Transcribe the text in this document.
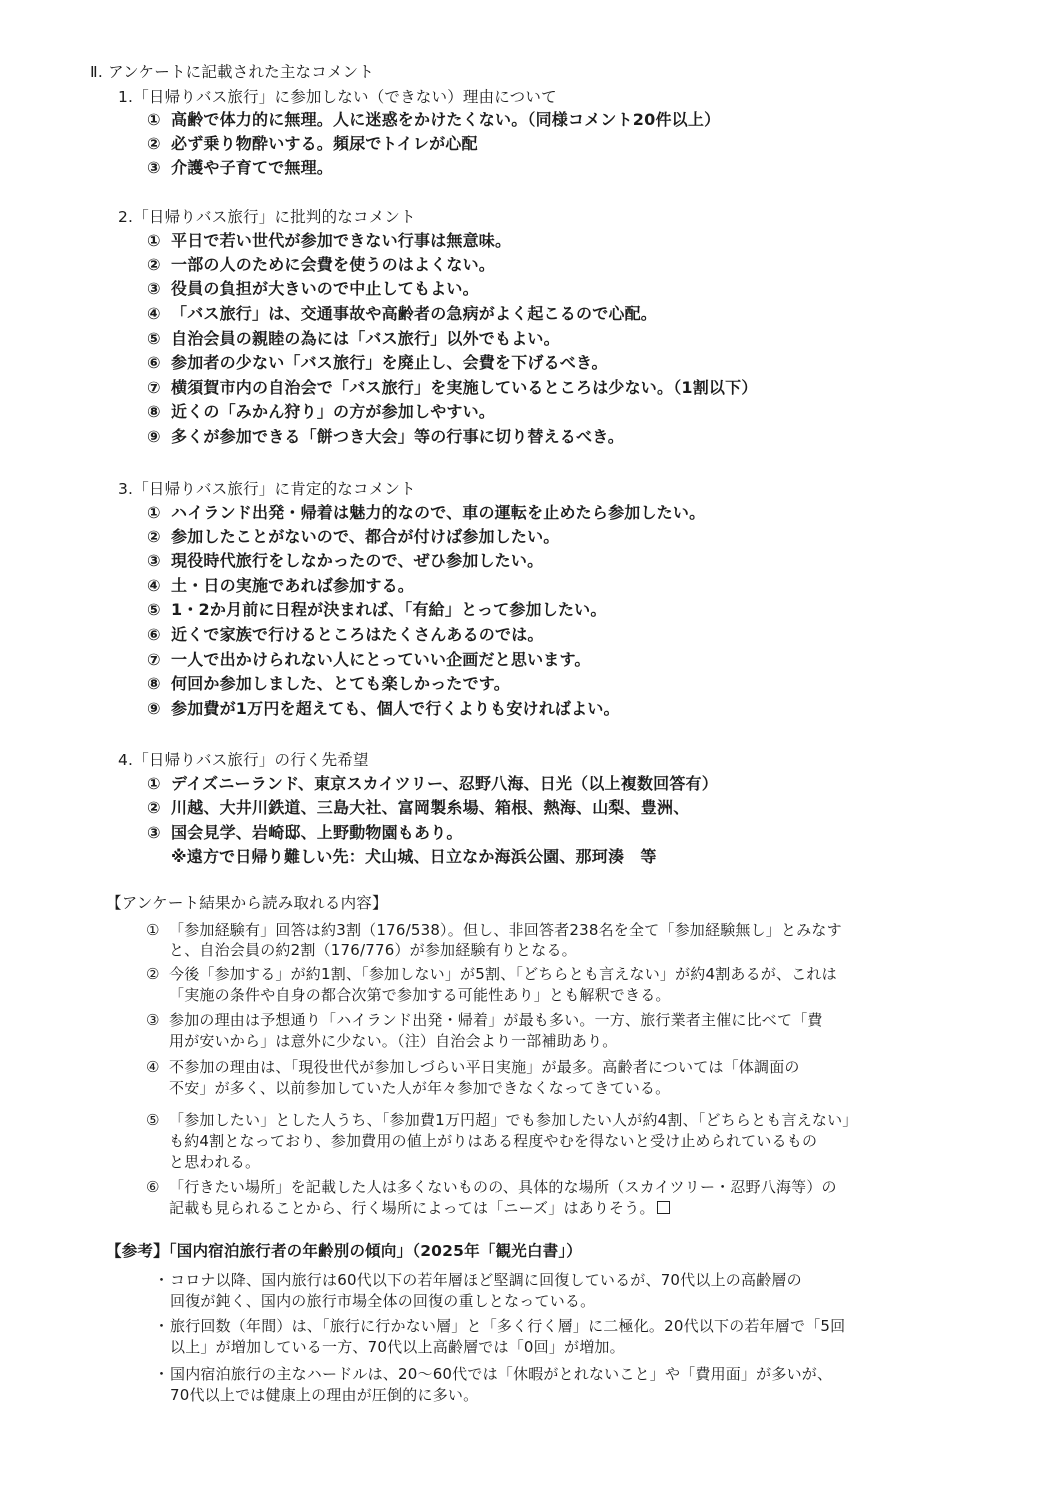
Ⅱ. アンケートに記載された主なコメント
1.「日帰りバス旅行」に参加しない（できない）理由について
① 高齢で体力的に無理。人に迷惑をかけたくない。（同様コメント20件以上）
② 必ず乗り物酔いする。頻尿でトイレが心配
③ 介護や子育てで無理。
2.「日帰りバス旅行」に批判的なコメント
① 平日で若い世代が参加できない行事は無意味。
② 一部の人のために会費を使うのはよくない。
③ 役員の負担が大きいので中止してもよい。
④ 「バス旅行」は、交通事故や高齢者の急病がよく起こるので心配。
⑤ 自治会員の親睦の為には「バス旅行」以外でもよい。
⑥ 参加者の少ない「バス旅行」を廃止し、会費を下げるべき。
⑦ 横須賀市内の自治会で「バス旅行」を実施しているところは少ない。（1割以下）
⑧ 近くの「みかん狩り」の方が参加しやすい。
⑨ 多くが参加できる「餅つき大会」等の行事に切り替えるべき。
3.「日帰りバス旅行」に肯定的なコメント
① ハイランド出発・帰着は魅力的なので、車の運転を止めたら参加したい。
② 参加したことがないので、都合が付けば参加したい。
③ 現役時代旅行をしなかったので、ぜひ参加したい。
④ 土・日の実施であれば参加する。
⑤ 1・2か月前に日程が決まれば、「有給」とって参加したい。
⑥ 近くで家族で行けるところはたくさんあるのでは。
⑦ 一人で出かけられない人にとっていい企画だと思います。
⑧ 何回か参加しました、とても楽しかったです。
⑨ 参加費が1万円を超えても、個人で行くよりも安ければよい。
4.「日帰りバス旅行」の行く先希望
① デイズニーランド、東京スカイツリー、忍野八海、日光（以上複数回答有）
② 川越、大井川鉄道、三島大社、富岡製糸場、箱根、熱海、山梨、豊洲、
③ 国会見学、岩崎邸、上野動物園もあり。
※遠方で日帰り難しい先：犬山城、日立なか海浜公園、那珂湊　等
【アンケート結果から読み取れる内容】
① 「参加経験有」回答は約3割（176/538）。但し、非回答者238名を全て「参加経験無し」とみなす
と、自治会員の約2割（176/776）が参加経験有りとなる。
② 今後「参加する」が約1割、「参加しない」が5割、「どちらとも言えない」が約4割あるが、これは
「実施の条件や自身の都合次第で参加する可能性あり」とも解釈できる。
③ 参加の理由は予想通り「ハイランド出発・帰着」が最も多い。一方、旅行業者主催に比べて「費
用が安いから」は意外に少ない。（注）自治会より一部補助あり。
④ 不参加の理由は、「現役世代が参加しづらい平日実施」が最多。高齢者については「体調面の
不安」が多く、以前参加していた人が年々参加できなくなってきている。
⑤ 「参加したい」とした人うち、「参加費1万円超」でも参加したい人が約4割、「どちらとも言えない」
も約4割となっており、参加費用の値上がりはある程度やむを得ないと受け止められているもの
と思われる。
⑥ 「行きたい場所」を記載した人は多くないものの、具体的な場所（スカイツリー・忍野八海等）の
記載も見られることから、行く場所によっては「ニーズ」はありそう。
【参考】「国内宿泊旅行者の年齢別の傾向」（2025年「観光白書」）
・ コロナ以降、国内旅行は60代以下の若年層ほど堅調に回復しているが、70代以上の高齢層の
回復が鈍く、国内の旅行市場全体の回復の重しとなっている。
・ 旅行回数（年間）は、「旅行に行かない層」と「多く行く層」に二極化。20代以下の若年層で「5回
以上」が増加している一方、70代以上高齢層では「0回」が増加。
・ 国内宿泊旅行の主なハードルは、20～60代では「休暇がとれないこと」や「費用面」が多いが、
70代以上では健康上の理由が圧倒的に多い。
